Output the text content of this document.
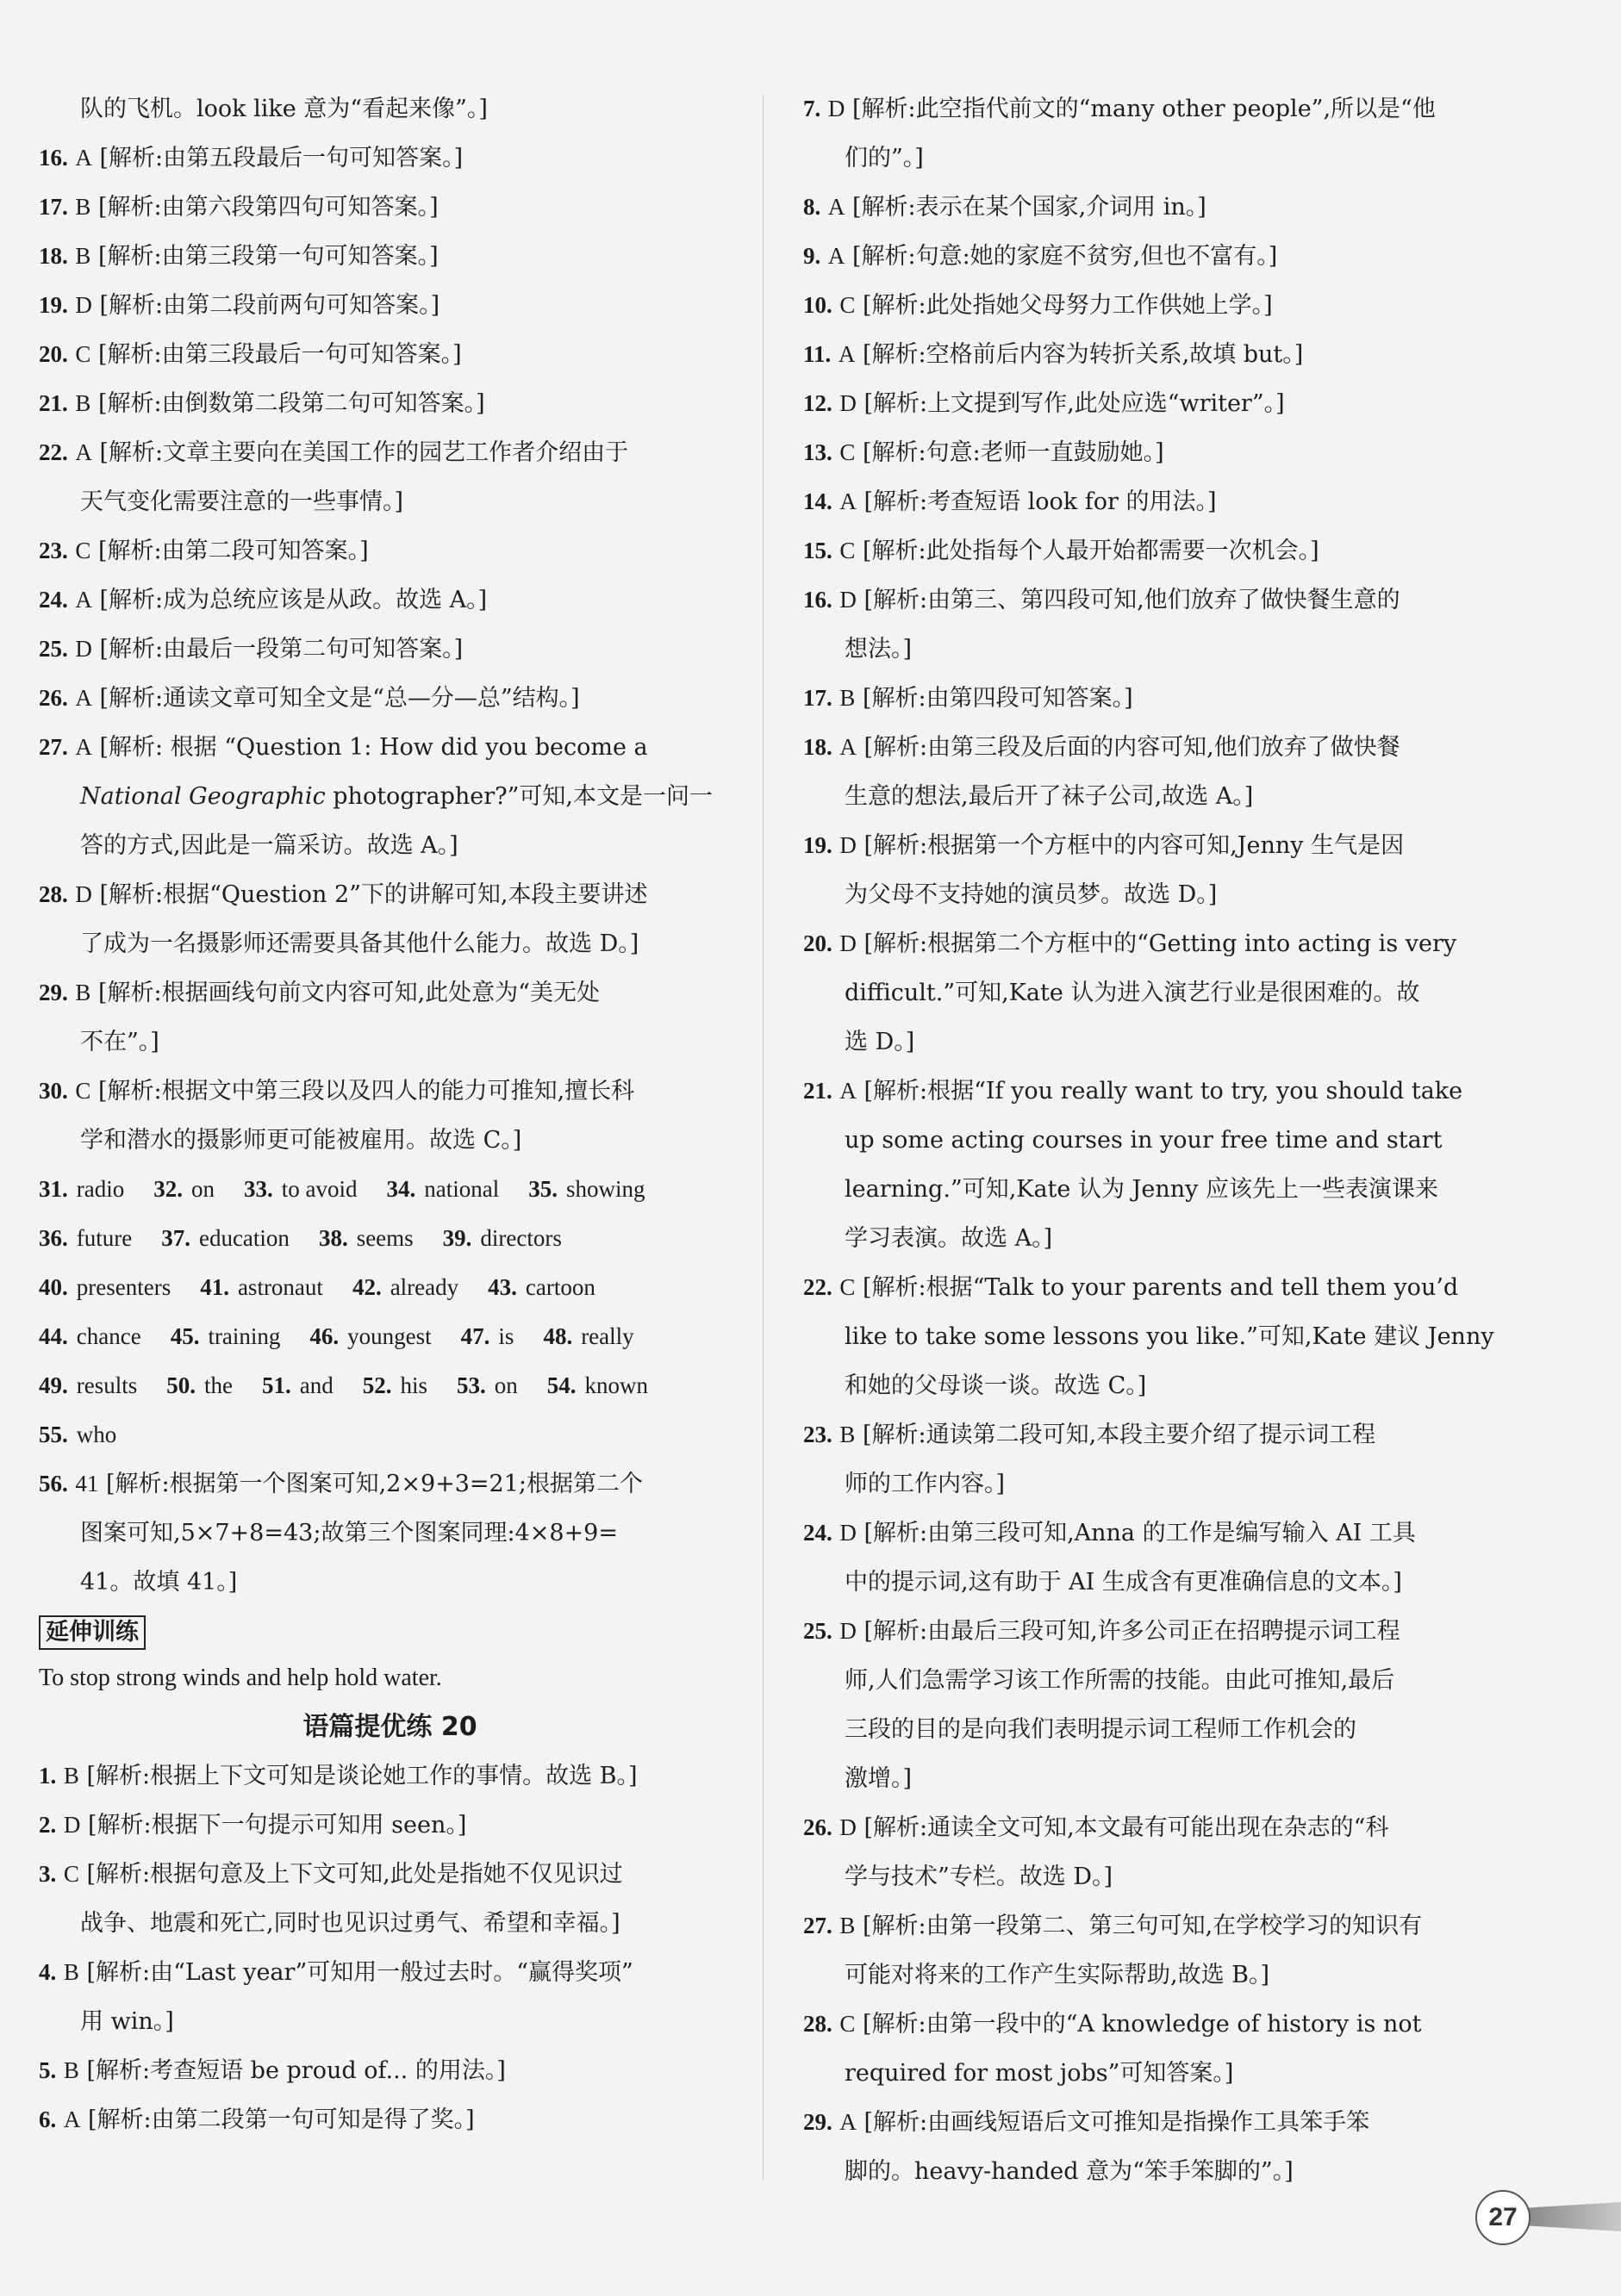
队的飞机。look like 意为“看起来像”。]
16. A [解析:由第五段最后一句可知答案。]
17. B [解析:由第六段第四句可知答案。]
18. B [解析:由第三段第一句可知答案。]
19. D [解析:由第二段前两句可知答案。]
20. C [解析:由第三段最后一句可知答案。]
21. B [解析:由倒数第二段第二句可知答案。]
22. A [解析:文章主要向在美国工作的园艺工作者介绍由于
天气变化需要注意的一些事情。]
23. C [解析:由第二段可知答案。]
24. A [解析:成为总统应该是从政。故选 A。]
25. D [解析:由最后一段第二句可知答案。]
26. A [解析:通读文章可知全文是“总—分—总”结构。]
27. A [解析: 根据 “Question 1: How did you become a
National Geographic photographer?”可知,本文是一问一
答的方式,因此是一篇采访。故选 A。]
28. D [解析:根据“Question 2”下的讲解可知,本段主要讲述
了成为一名摄影师还需要具备其他什么能力。故选 D。]
29. B [解析:根据画线句前文内容可知,此处意为“美无处
不在”。]
30. C [解析:根据文中第三段以及四人的能力可推知,擅长科
学和潜水的摄影师更可能被雇用。故选 C。]
31. radio 32. on 33. to avoid 34. national 35. showing
36. future 37. education 38. seems 39. directors
40. presenters 41. astronaut 42. already 43. cartoon
44. chance 45. training 46. youngest 47. is 48. really
49. results 50. the 51. and 52. his 53. on 54. known
55. who
56. 41 [解析:根据第一个图案可知,2×9+3=21;根据第二个
图案可知,5×7+8=43;故第三个图案同理:4×8+9=
41。故填 41。]
延伸训练
To stop strong winds and help hold water.
语篇提优练 20
1. B [解析:根据上下文可知是谈论她工作的事情。故选 B。]
2. D [解析:根据下一句提示可知用 seen。]
3. C [解析:根据句意及上下文可知,此处是指她不仅见识过
战争、地震和死亡,同时也见识过勇气、希望和幸福。]
4. B [解析:由“Last year”可知用一般过去时。“赢得奖项”
用 win。]
5. B [解析:考查短语 be proud of... 的用法。]
6. A [解析:由第二段第一句可知是得了奖。]
7. D [解析:此空指代前文的“many other people”,所以是“他
们的”。]
8. A [解析:表示在某个国家,介词用 in。]
9. A [解析:句意:她的家庭不贫穷,但也不富有。]
10. C [解析:此处指她父母努力工作供她上学。]
11. A [解析:空格前后内容为转折关系,故填 but。]
12. D [解析:上文提到写作,此处应选“writer”。]
13. C [解析:句意:老师一直鼓励她。]
14. A [解析:考查短语 look for 的用法。]
15. C [解析:此处指每个人最开始都需要一次机会。]
16. D [解析:由第三、第四段可知,他们放弃了做快餐生意的
想法。]
17. B [解析:由第四段可知答案。]
18. A [解析:由第三段及后面的内容可知,他们放弃了做快餐
生意的想法,最后开了袜子公司,故选 A。]
19. D [解析:根据第一个方框中的内容可知,Jenny 生气是因
为父母不支持她的演员梦。故选 D。]
20. D [解析:根据第二个方框中的“Getting into acting is very
difficult.”可知,Kate 认为进入演艺行业是很困难的。故
选 D。]
21. A [解析:根据“If you really want to try, you should take
up some acting courses in your free time and start
learning.”可知,Kate 认为 Jenny 应该先上一些表演课来
学习表演。故选 A。]
22. C [解析:根据“Talk to your parents and tell them you’d
like to take some lessons you like.”可知,Kate 建议 Jenny
和她的父母谈一谈。故选 C。]
23. B [解析:通读第二段可知,本段主要介绍了提示词工程
师的工作内容。]
24. D [解析:由第三段可知,Anna 的工作是编写输入 AI 工具
中的提示词,这有助于 AI 生成含有更准确信息的文本。]
25. D [解析:由最后三段可知,许多公司正在招聘提示词工程
师,人们急需学习该工作所需的技能。由此可推知,最后
三段的目的是向我们表明提示词工程师工作机会的
激增。]
26. D [解析:通读全文可知,本文最有可能出现在杂志的“科
学与技术”专栏。故选 D。]
27. B [解析:由第一段第二、第三句可知,在学校学习的知识有
可能对将来的工作产生实际帮助,故选 B。]
28. C [解析:由第一段中的“A knowledge of history is not
required for most jobs”可知答案。]
29. A [解析:由画线短语后文可推知是指操作工具笨手笨
脚的。heavy-handed 意为“笨手笨脚的”。]
27
